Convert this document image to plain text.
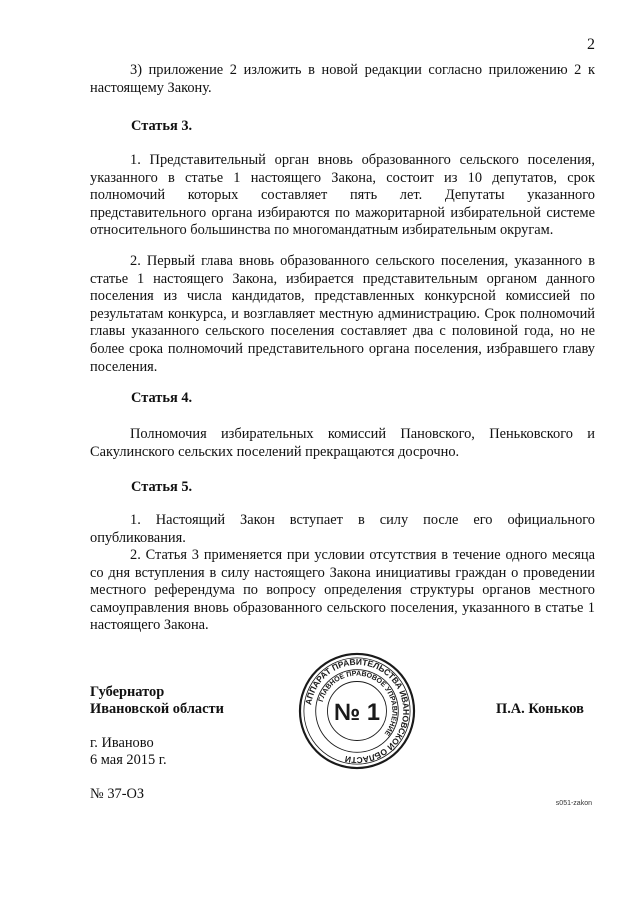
2

3) приложение 2 изложить в новой редакции согласно приложению 2 к настоящему Закону.

Статья 3.

1. Представительный орган вновь образованного сельского поселения, указанного в статье 1 настоящего Закона, состоит из 10 депутатов, срок полномочий которых составляет пять лет. Депутаты указанного представительного органа избираются по мажоритарной избирательной системе относительного большинства по многомандатным избирательным округам.

2. Первый глава вновь образованного сельского поселения, указанного в статье 1 настоящего Закона, избирается представительным органом данного поселения из числа кандидатов, представленных конкурсной комиссией по результатам конкурса, и возглавляет местную администрацию. Срок полномочий главы указанного сельского поселения составляет два с половиной года, но не более срока полномочий представительного органа поселения, избравшего главу поселения.

Статья 4.

Полномочия избирательных комиссий Пановского, Пеньковского и Сакулинского сельских поселений прекращаются досрочно.

Статья 5.

1. Настоящий Закон вступает в силу после его официального опубликования.

2. Статья 3 применяется при условии отсутствия в течение одного месяца со дня вступления в силу настоящего Закона инициативы граждан о проведении местного референдума по вопросу определения структуры органов местного самоуправления вновь образованного сельского поселения, указанного в статье 1 настоящего Закона.

Губернатор
Ивановской области	П.А. Коньков
АППАРАТ ПРАВИТЕЛЬСТВА ИВАНОВСКОЙ ОБЛАСТИ
ГЛАВНОЕ ПРАВОВОЕ УПРАВЛЕНИЕ
№ 1
г. Иваново
6 мая 2015 г.
№ 37-ОЗ
s051-zakon
